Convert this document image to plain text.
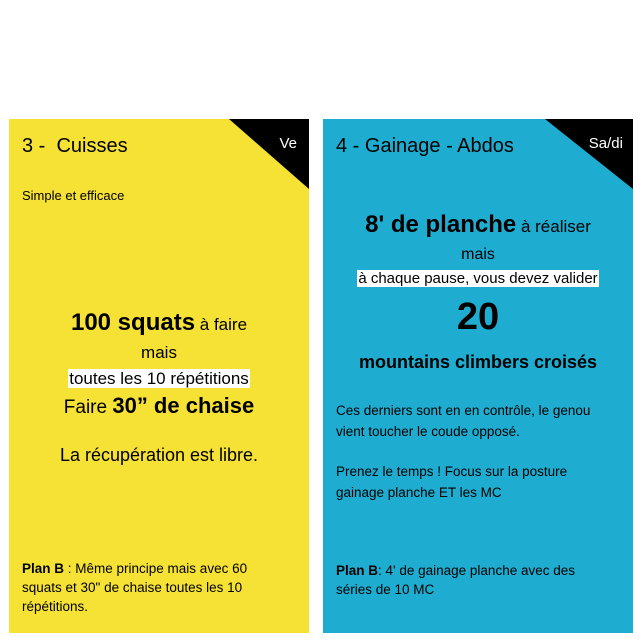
Ve
3 -  Cuisses
Simple et efficace
100 squats à faire
mais
toutes les 10 répétitions
Faire 30” de chaise
La récupération est libre.
Plan B : Même principe mais avec 60 squats et 30" de chaise toutes les 10 répétitions.
Sa/di
4 - Gainage - Abdos
8' de planche à réaliser
mais
à chaque pause, vous devez valider
20
mountains climbers croisés
Ces derniers sont en en contrôle, le genou vient toucher le coude opposé.
Prenez le temps ! Focus sur la posture gainage planche ET les MC
Plan B: 4' de gainage planche avec des séries de 10 MC
